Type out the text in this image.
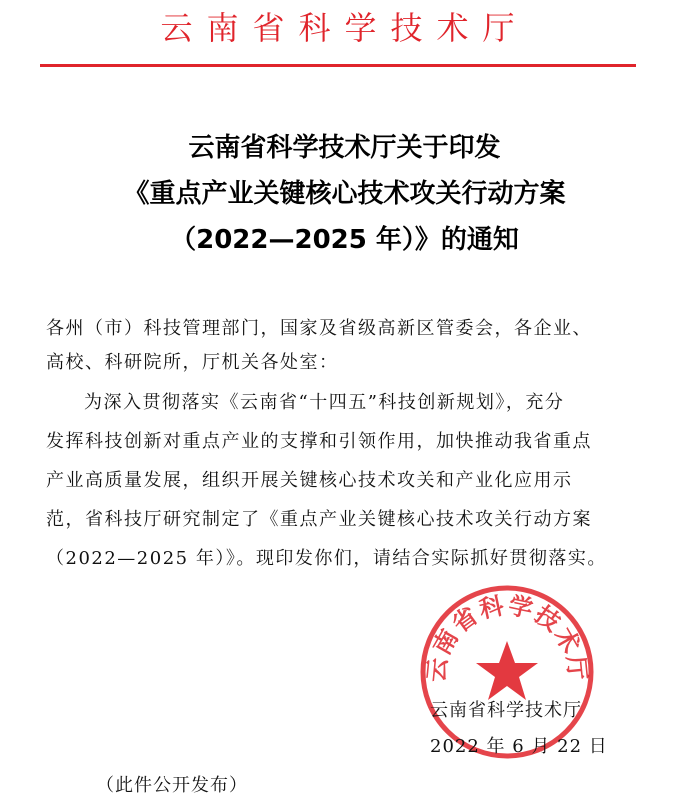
云南省科学技术厅
云南省科学技术厅关于印发
《重点产业关键核心技术攻关行动方案
（2022—2025 年）》的通知
各州（市）科技管理部门，国家及省级高新区管委会，各企业、
高校、科研院所，厅机关各处室：
为深入贯彻落实《云南省“十四五”科技创新规划》，充分
发挥科技创新对重点产业的支撑和引领作用，加快推动我省重点
产业高质量发展，组织开展关键核心技术攻关和产业化应用示
范，省科技厅研究制定了《重点产业关键核心技术攻关行动方案
（2022—2025 年）》。现印发你们，请结合实际抓好贯彻落实。
云南省科学技术厅
云南省科学技术厅
2022 年 6 月 22 日
（此件公开发布）
